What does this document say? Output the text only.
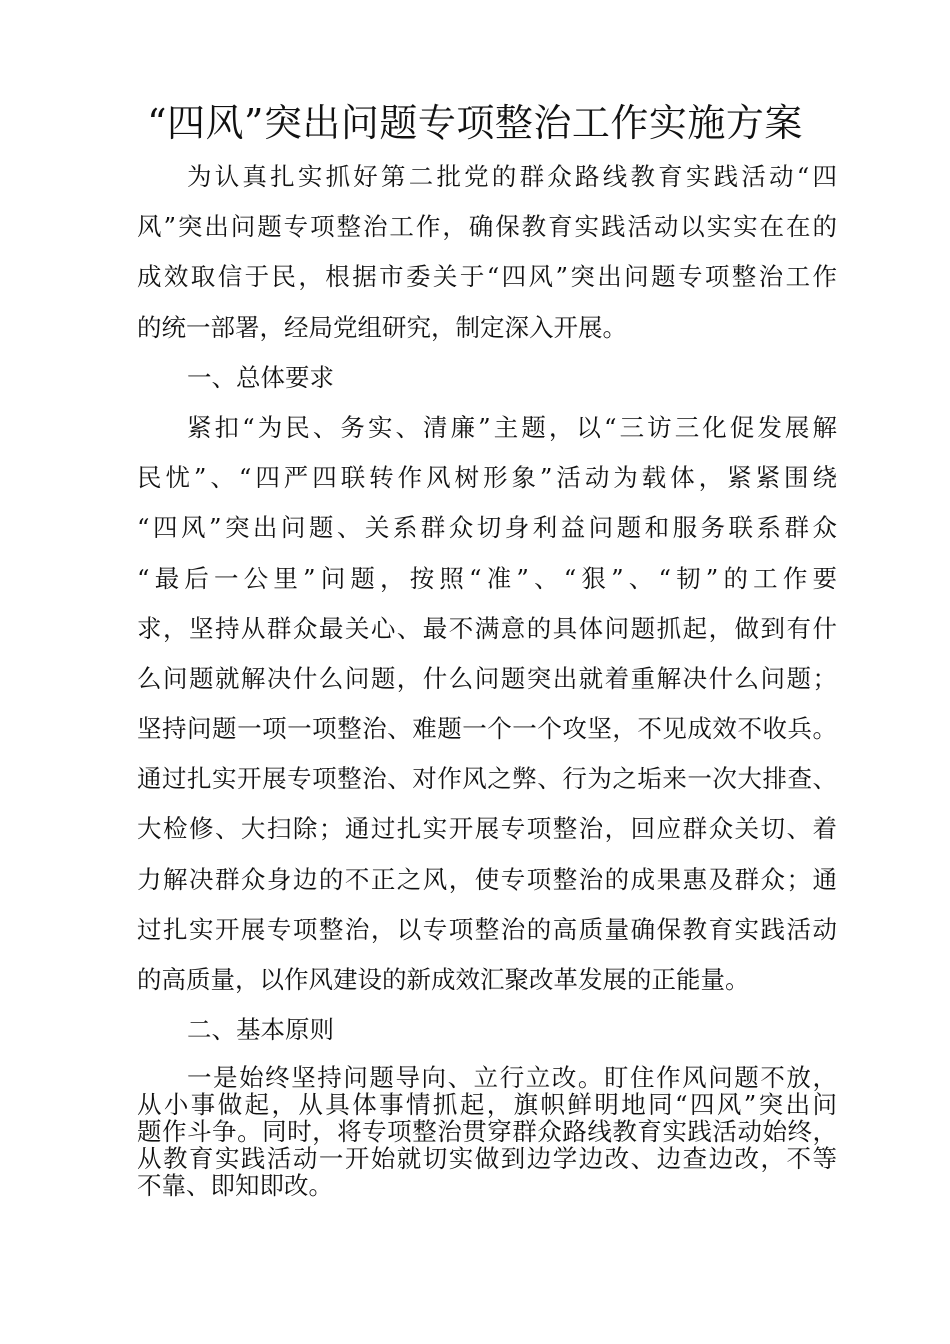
“四风”突出问题专项整治工作实施方案
为认真扎实抓好第二批党的群众路线教育实践活动“四
风”突出问题专项整治工作，确保教育实践活动以实实在在的
成效取信于民，根据市委关于“四风”突出问题专项整治工作
的统一部署，经局党组研究，制定深入开展。
一、总体要求
紧扣“为民、务实、清廉”主题，以“三访三化促发展解
民忧”、“四严四联转作风树形象”活动为载体，紧紧围绕
“四风”突出问题、关系群众切身利益问题和服务联系群众
“最后一公里”问题，按照“准”、“狠”、“韧”的工作要
求，坚持从群众最关心、最不满意的具体问题抓起，做到有什
么问题就解决什么问题，什么问题突出就着重解决什么问题；
坚持问题一项一项整治、难题一个一个攻坚，不见成效不收兵。
通过扎实开展专项整治、对作风之弊、行为之垢来一次大排查、
大检修、大扫除；通过扎实开展专项整治，回应群众关切、着
力解决群众身边的不正之风，使专项整治的成果惠及群众；通
过扎实开展专项整治，以专项整治的高质量确保教育实践活动
的高质量，以作风建设的新成效汇聚改革发展的正能量。
二、基本原则
一是始终坚持问题导向、立行立改。盯住作风问题不放，
从小事做起，从具体事情抓起，旗帜鲜明地同“四风”突出问
题作斗争。同时，将专项整治贯穿群众路线教育实践活动始终，
从教育实践活动一开始就切实做到边学边改、边查边改，不等
不靠、即知即改。
